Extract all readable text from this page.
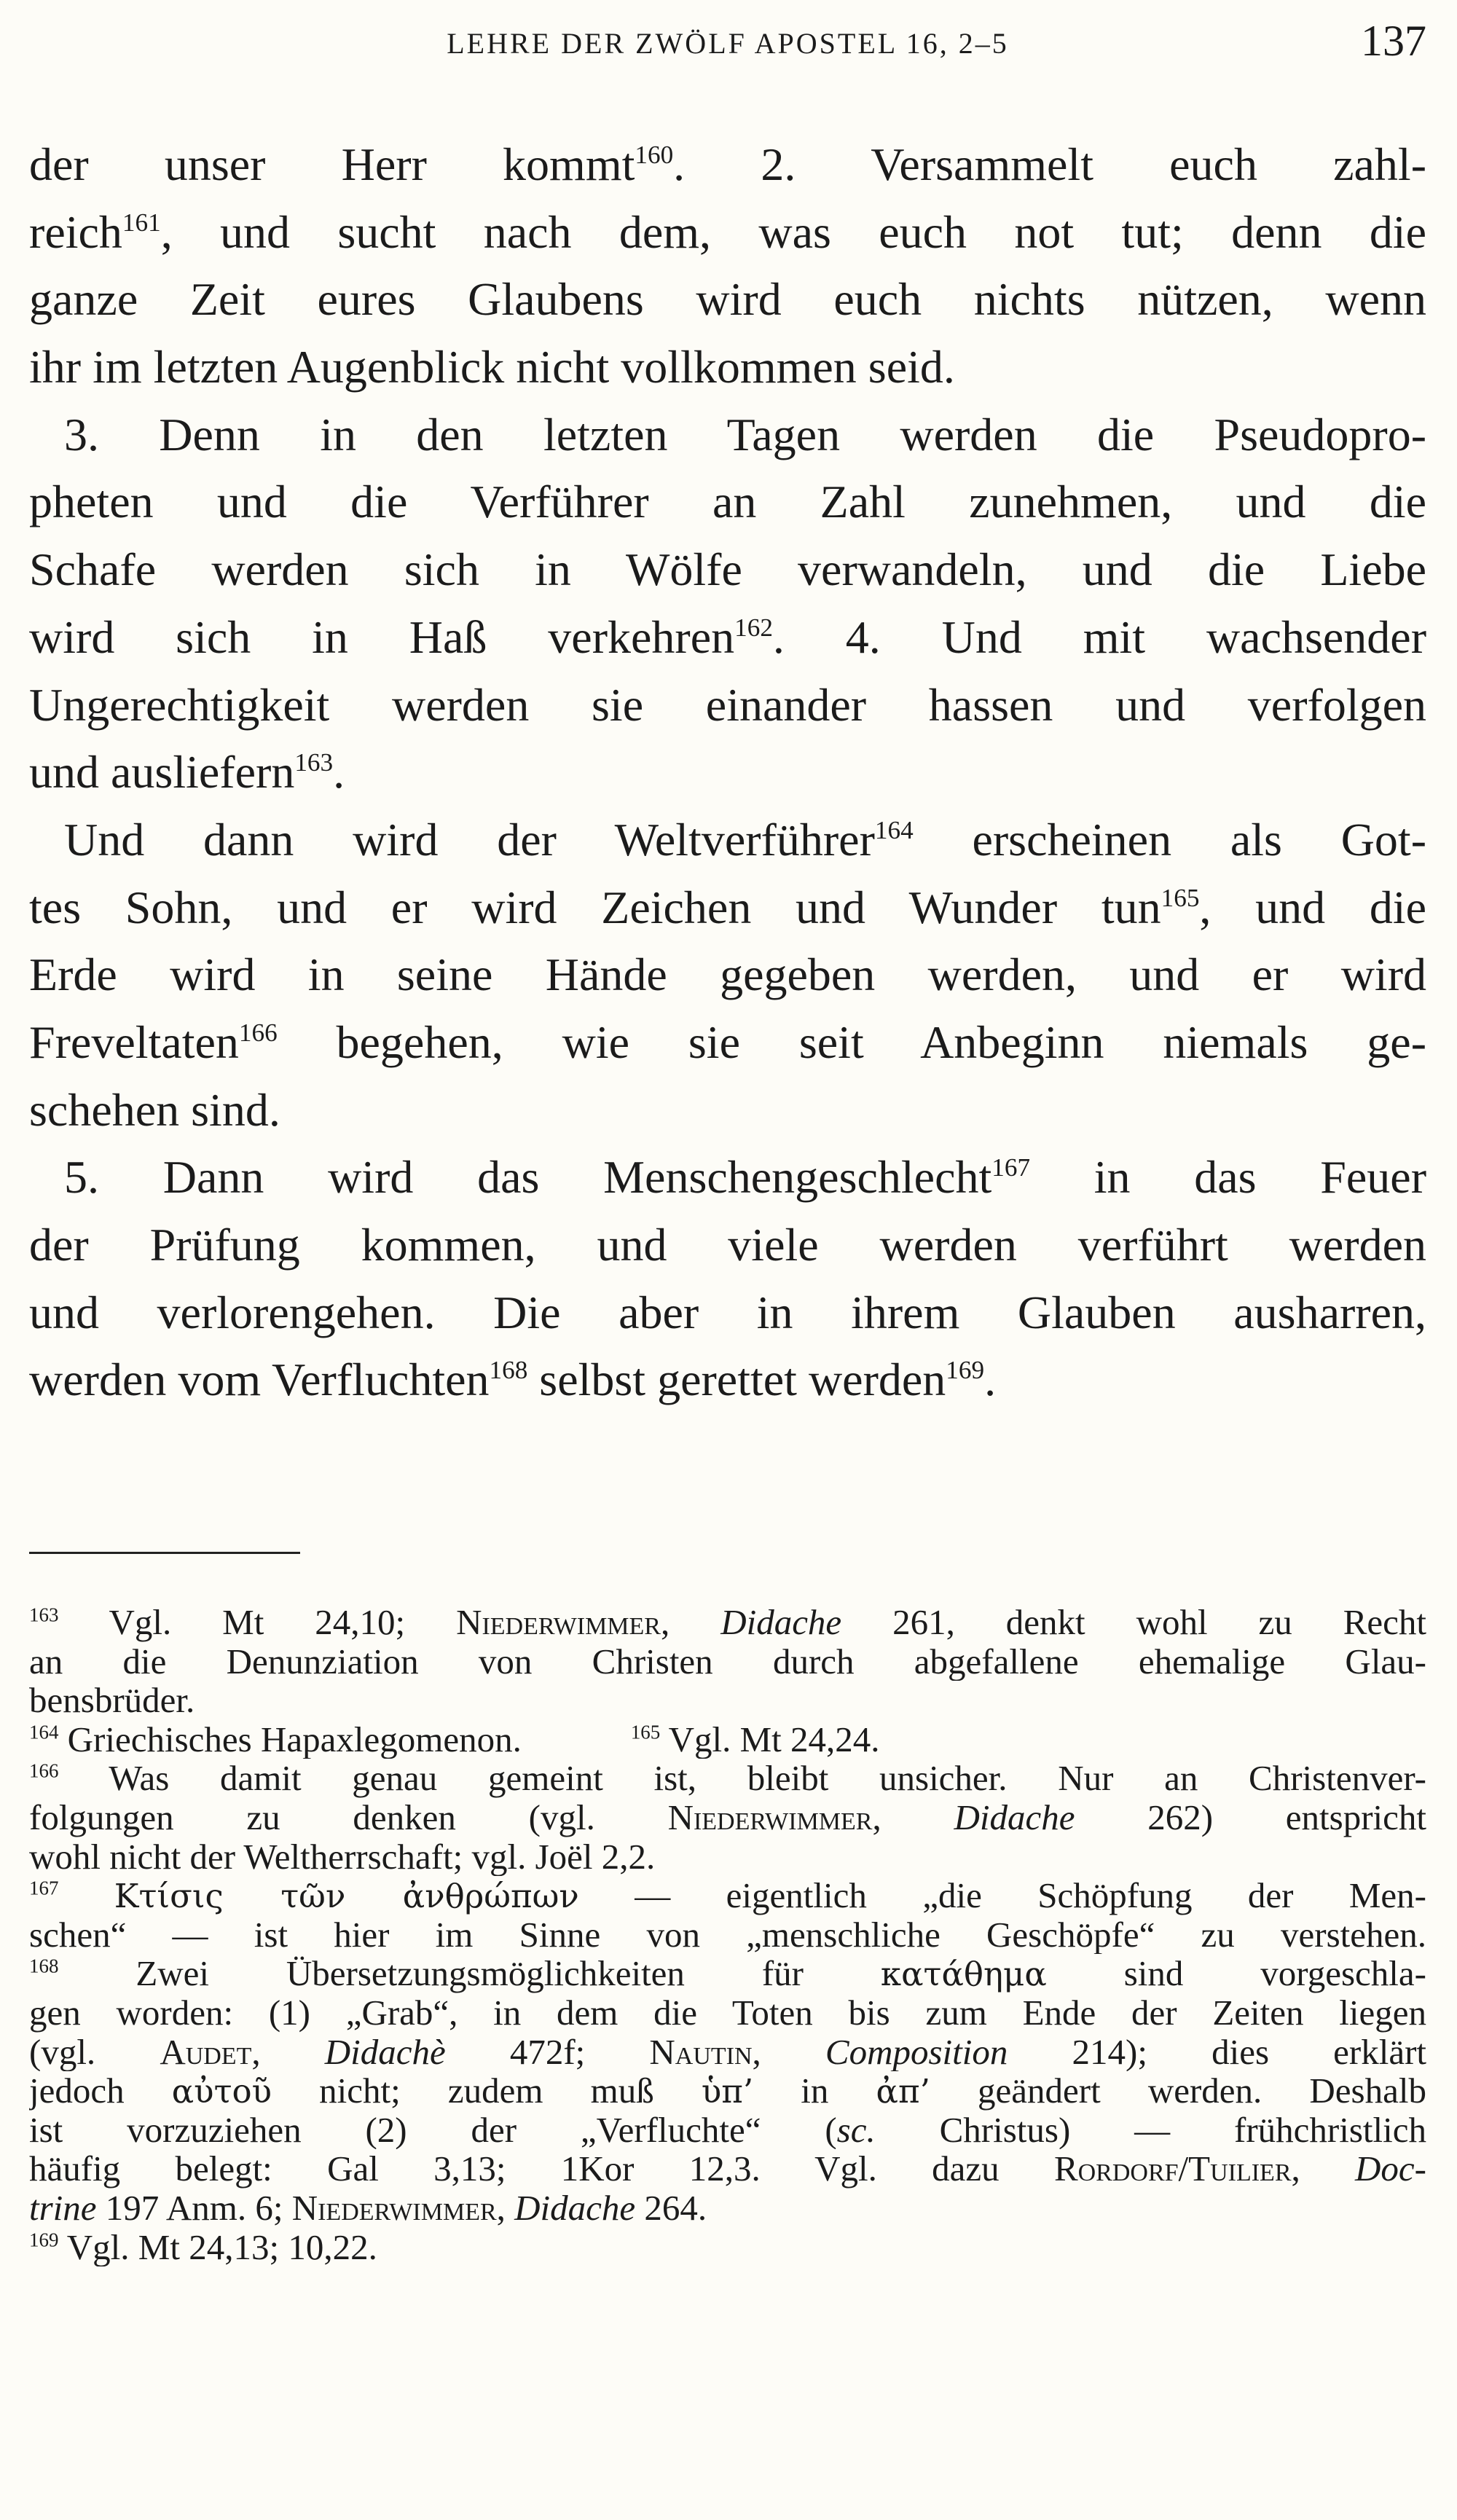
LEHRE DER ZWÖLF APOSTEL 16, 2–5	137
der unser Herr kommt$^{160}$. 2. Versammelt euch zahl-
reich$^{161}$, und sucht nach dem, was euch not tut; denn die
ganze Zeit eures Glaubens wird euch nichts nützen, wenn
ihr im letzten Augenblick nicht vollkommen seid.
3. Denn in den letzten Tagen werden die Pseudopro-
pheten und die Verführer an Zahl zunehmen, und die
Schafe werden sich in Wölfe verwandeln, und die Liebe
wird sich in Haß verkehren$^{162}$. 4. Und mit wachsender
Ungerechtigkeit werden sie einander hassen und verfolgen
und ausliefern$^{163}$.
Und dann wird der Weltverführer$^{164}$ erscheinen als Got-
tes Sohn, und er wird Zeichen und Wunder tun$^{165}$, und die
Erde wird in seine Hände gegeben werden, und er wird
Freveltaten$^{166}$ begehen, wie sie seit Anbeginn niemals ge-
schehen sind.
5. Dann wird das Menschengeschlecht$^{167}$ in das Feuer
der Prüfung kommen, und viele werden verführt werden
und verlorengehen. Die aber in ihrem Glauben ausharren,
werden vom Verfluchten$^{168}$ selbst gerettet werden$^{169}$.
$^{163}$ Vgl. Mt 24,10; Niederwimmer, Didache 261, denkt wohl zu Recht
an die Denunziation von Christen durch abgefallene ehemalige Glau-
bensbrüder.
$^{164}$ Griechisches Hapaxlegomenon.	$^{165}$ Vgl. Mt 24,24.
$^{166}$ Was damit genau gemeint ist, bleibt unsicher. Nur an Christenver-
folgungen zu denken (vgl. Niederwimmer, Didache 262) entspricht
wohl nicht der Weltherrschaft; vgl. Joël 2,2.
$^{167}$ Κτίσις τῶν ἀνθρώπων — eigentlich „die Schöpfung der Men-
schen“ — ist hier im Sinne von „menschliche Geschöpfe“ zu verstehen.
$^{168}$ Zwei Übersetzungsmöglichkeiten für κατάθημα sind vorgeschla-
gen worden: (1) „Grab“, in dem die Toten bis zum Ende der Zeiten liegen
(vgl. Audet, Didachè 472f; Nautin, Composition 214); dies erklärt
jedoch αὐτοῦ nicht; zudem muß ὑπ’ in ἀπ’ geändert werden. Deshalb
ist vorzuziehen (2) der „Verfluchte“ (sc. Christus) — frühchristlich
häufig belegt: Gal 3,13; 1Kor 12,3. Vgl. dazu Rordorf/Tuilier, Doc-
trine 197 Anm. 6; Niederwimmer, Didache 264.
$^{169}$ Vgl. Mt 24,13; 10,22.
